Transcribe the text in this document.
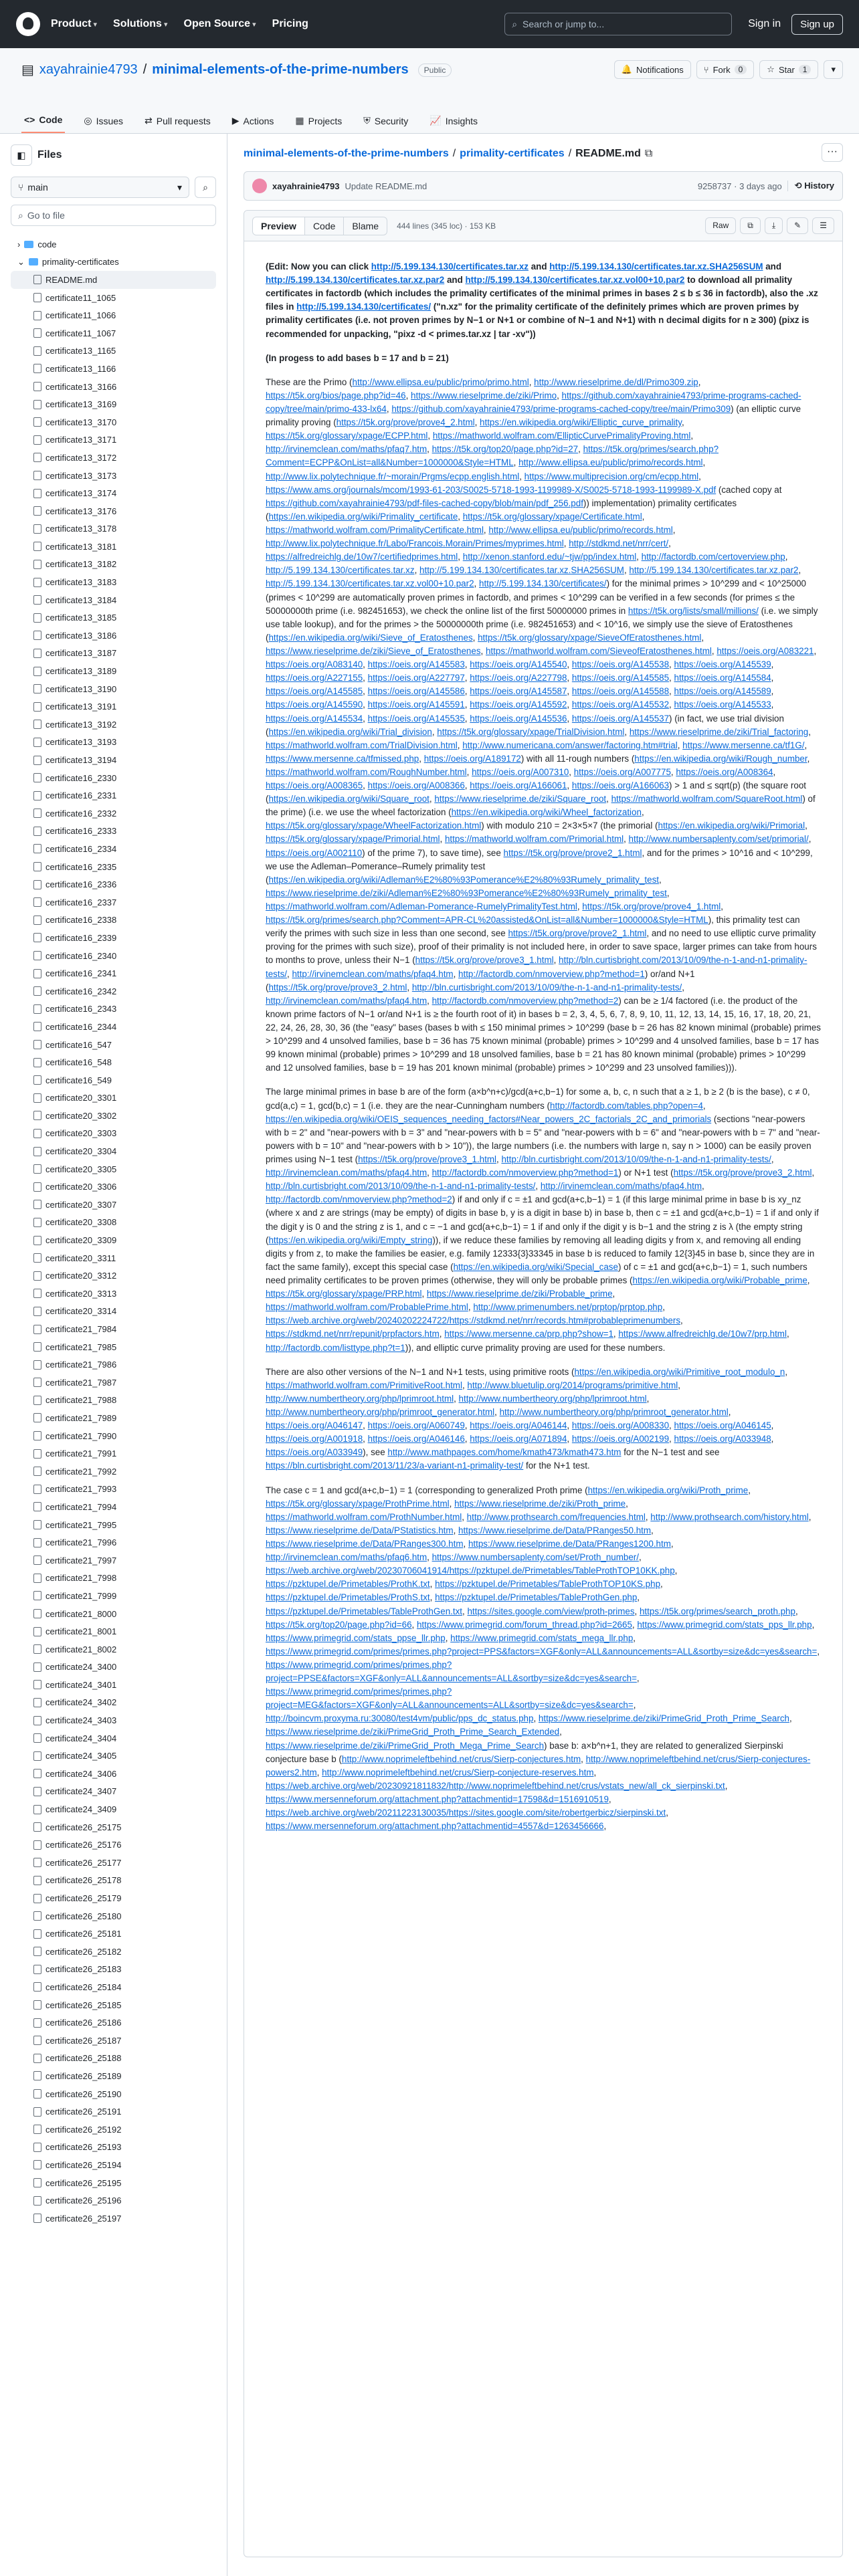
Product ▾	Solutions ▾	Open Source ▾	Pricing	⌕ Search or jump to...	Sign in	Sign up
▤ xayahrainie4793 / minimal-elements-of-the-prime-numbers	Public	🔔 Notifications ⑂ Fork	0	☆ Star	1	▾
<> Code ◎ Issues ⇄ Pull requests ▶ Actions ▦ Projects ⛨ Security 📈 Insights
◧	Files
⑂ main	▾	⌕
⌕ Go to file
› code
⌄ primality-certificates
README.md
certificate11_1065
certificate11_1066
certificate11_1067
certificate13_1165
certificate13_1166
certificate13_3166
certificate13_3169
certificate13_3170
certificate13_3171
certificate13_3172
certificate13_3173
certificate13_3174
certificate13_3176
certificate13_3178
certificate13_3181
certificate13_3182
certificate13_3183
certificate13_3184
certificate13_3185
certificate13_3186
certificate13_3187
certificate13_3189
certificate13_3190
certificate13_3191
certificate13_3192
certificate13_3193
certificate13_3194
certificate16_2330
certificate16_2331
certificate16_2332
certificate16_2333
certificate16_2334
certificate16_2335
certificate16_2336
certificate16_2337
certificate16_2338
certificate16_2339
certificate16_2340
certificate16_2341
certificate16_2342
certificate16_2343
certificate16_2344
certificate16_547
certificate16_548
certificate16_549
certificate20_3301
certificate20_3302
certificate20_3303
certificate20_3304
certificate20_3305
certificate20_3306
certificate20_3307
certificate20_3308
certificate20_3309
certificate20_3311
certificate20_3312
certificate20_3313
certificate20_3314
certificate21_7984
certificate21_7985
certificate21_7986
certificate21_7987
certificate21_7988
certificate21_7989
certificate21_7990
certificate21_7991
certificate21_7992
certificate21_7993
certificate21_7994
certificate21_7995
certificate21_7996
certificate21_7997
certificate21_7998
certificate21_7999
certificate21_8000
certificate21_8001
certificate21_8002
certificate24_3400
certificate24_3401
certificate24_3402
certificate24_3403
certificate24_3404
certificate24_3405
certificate24_3406
certificate24_3407
certificate24_3409
certificate26_25175
certificate26_25176
certificate26_25177
certificate26_25178
certificate26_25179
certificate26_25180
certificate26_25181
certificate26_25182
certificate26_25183
certificate26_25184
certificate26_25185
certificate26_25186
certificate26_25187
certificate26_25188
certificate26_25189
certificate26_25190
certificate26_25191
certificate26_25192
certificate26_25193
certificate26_25194
certificate26_25195
certificate26_25196
certificate26_25197
minimal-elements-of-the-prime-numbers / primality-certificates / README.md ⧉	···
xayahrainie4793 Update README.md	9258737 · 3 days ago	⟲ History
Preview	Code	Blame	444 lines (345 loc) · 153 KB	Raw	⧉	⤓	✎	☰

(Edit: Now you can click http://5.199.134.130/certificates.tar.xz and http://5.199.134.130/certificates.tar.xz.SHA256SUM and http://5.199.134.130/certificates.tar.xz.par2 and http://5.199.134.130/certificates.tar.xz.vol00+10.par2 to download all primality certificates in factordb (which includes the primality certificates of the minimal primes in bases 2 ≤ b ≤ 36 in factordb), also the .xz files in http://5.199.134.130/certificates/ ("n.xz" for the primality certificate of the definitely primes which are proven primes by primality certificates (i.e. not proven primes by N−1 or N+1 or combine of N−1 and N+1) with n decimal digits for n ≥ 300) (pixz is recommended for unpacking, "pixz -d < primes.tar.xz | tar -xv"))

(In progess to add bases b = 17 and b = 21)

These are the Primo (http://www.ellipsa.eu/public/primo/primo.html, http://www.rieselprime.de/dl/Primo309.zip, https://t5k.org/bios/page.php?id=46, https://www.rieselprime.de/ziki/Primo, https://github.com/xayahrainie4793/prime-programs-cached-copy/tree/main/primo-433-lx64, https://github.com/xayahrainie4793/prime-programs-cached-copy/tree/main/Primo309) (an elliptic curve primality proving (https://t5k.org/prove/prove4_2.html, https://en.wikipedia.org/wiki/Elliptic_curve_primality, https://t5k.org/glossary/xpage/ECPP.html, https://mathworld.wolfram.com/EllipticCurvePrimalityProving.html, http://irvinemclean.com/maths/pfaq7.htm, https://t5k.org/top20/page.php?id=27, https://t5k.org/primes/search.php?Comment=ECPP&OnList=all&Number=1000000&Style=HTML, http://www.ellipsa.eu/public/primo/records.html, http://www.lix.polytechnique.fr/~morain/Prgms/ecpp.english.html, https://www.multiprecision.org/cm/ecpp.html, https://www.ams.org/journals/mcom/1993-61-203/S0025-5718-1993-1199989-X/S0025-5718-1993-1199989-X.pdf (cached copy at https://github.com/xayahrainie4793/pdf-files-cached-copy/blob/main/pdf_256.pdf)) implementation) primality certificates (https://en.wikipedia.org/wiki/Primality_certificate, https://t5k.org/glossary/xpage/Certificate.html, https://mathworld.wolfram.com/PrimalityCertificate.html, http://www.ellipsa.eu/public/primo/records.html, http://www.lix.polytechnique.fr/Labo/Francois.Morain/Primes/myprimes.html, http://stdkmd.net/nrr/cert/, https://alfredreichlg.de/10w7/certifiedprimes.html, http://xenon.stanford.edu/~tjw/pp/index.html, http://factordb.com/certoverview.php, http://5.199.134.130/certificates.tar.xz, http://5.199.134.130/certificates.tar.xz.SHA256SUM, http://5.199.134.130/certificates.tar.xz.par2, http://5.199.134.130/certificates.tar.xz.vol00+10.par2, http://5.199.134.130/certificates/) for the minimal primes > 10^299 and < 10^25000 (primes < 10^299 are automatically proven primes in factordb, and primes < 10^299 can be verified in a few seconds (for primes ≤ the 50000000th prime (i.e. 982451653), we check the online list of the first 50000000 primes in https://t5k.org/lists/small/millions/ (i.e. we simply use table lookup), and for the primes > the 50000000th prime (i.e. 982451653) and < 10^16, we simply use the sieve of Eratosthenes (https://en.wikipedia.org/wiki/Sieve_of_Eratosthenes, https://t5k.org/glossary/xpage/SieveOfEratosthenes.html, https://www.rieselprime.de/ziki/Sieve_of_Eratosthenes, https://mathworld.wolfram.com/SieveofEratosthenes.html, https://oeis.org/A083221, https://oeis.org/A083140, https://oeis.org/A145583, https://oeis.org/A145540, https://oeis.org/A145538, https://oeis.org/A145539, https://oeis.org/A227155, https://oeis.org/A227797, https://oeis.org/A227798, https://oeis.org/A145585, https://oeis.org/A145584, https://oeis.org/A145585, https://oeis.org/A145586, https://oeis.org/A145587, https://oeis.org/A145588, https://oeis.org/A145589, https://oeis.org/A145590, https://oeis.org/A145591, https://oeis.org/A145592, https://oeis.org/A145532, https://oeis.org/A145533, https://oeis.org/A145534, https://oeis.org/A145535, https://oeis.org/A145536, https://oeis.org/A145537) (in fact, we use trial division (https://en.wikipedia.org/wiki/Trial_division, https://t5k.org/glossary/xpage/TrialDivision.html, https://www.rieselprime.de/ziki/Trial_factoring, https://mathworld.wolfram.com/TrialDivision.html, http://www.numericana.com/answer/factoring.htm#trial, https://www.mersenne.ca/tf1G/, https://www.mersenne.ca/tfmissed.php, https://oeis.org/A189172) with all 11-rough numbers (https://en.wikipedia.org/wiki/Rough_number, https://mathworld.wolfram.com/RoughNumber.html, https://oeis.org/A007310, https://oeis.org/A007775, https://oeis.org/A008364, https://oeis.org/A008365, https://oeis.org/A008366, https://oeis.org/A166061, https://oeis.org/A166063) > 1 and ≤ sqrt(p) (the square root (https://en.wikipedia.org/wiki/Square_root, https://www.rieselprime.de/ziki/Square_root, https://mathworld.wolfram.com/SquareRoot.html) of the prime) (i.e. we use the wheel factorization (https://en.wikipedia.org/wiki/Wheel_factorization, https://t5k.org/glossary/xpage/WheelFactorization.html) with modulo 210 = 2×3×5×7 (the primorial (https://en.wikipedia.org/wiki/Primorial, https://t5k.org/glossary/xpage/Primorial.html, https://mathworld.wolfram.com/Primorial.html, http://www.numbersaplenty.com/set/primorial/, https://oeis.org/A002110) of the prime 7), to save time), see https://t5k.org/prove/prove2_1.html, and for the primes > 10^16 and < 10^299, we use the Adleman–Pomerance–Rumely primality test (https://en.wikipedia.org/wiki/Adleman%E2%80%93Pomerance%E2%80%93Rumely_primality_test, https://www.rieselprime.de/ziki/Adleman%E2%80%93Pomerance%E2%80%93Rumely_primality_test, https://mathworld.wolfram.com/Adleman-Pomerance-RumelyPrimalityTest.html, https://t5k.org/prove/prove4_1.html, https://t5k.org/primes/search.php?Comment=APR-CL%20assisted&OnList=all&Number=1000000&Style=HTML), this primality test can verify the primes with such size in less than one second, see https://t5k.org/prove/prove2_1.html, and no need to use elliptic curve primality proving for the primes with such size), proof of their primality is not included here, in order to save space, larger primes can take from hours to months to prove, unless their N−1 (https://t5k.org/prove/prove3_1.html, http://bln.curtisbright.com/2013/10/09/the-n-1-and-n1-primality-tests/, http://irvinemclean.com/maths/pfaq4.htm, http://factordb.com/nmoverview.php?method=1) or/and N+1 (https://t5k.org/prove/prove3_2.html, http://bln.curtisbright.com/2013/10/09/the-n-1-and-n1-primality-tests/, http://irvinemclean.com/maths/pfaq4.htm, http://factordb.com/nmoverview.php?method=2) can be ≥ 1/4 factored (i.e. the product of the known prime factors of N−1 or/and N+1 is ≥ the fourth root of it) in bases b = 2, 3, 4, 5, 6, 7, 8, 9, 10, 11, 12, 13, 14, 15, 16, 17, 18, 20, 21, 22, 24, 26, 28, 30, 36 (the "easy" bases (bases b with ≤ 150 minimal primes > 10^299 (base b = 26 has 82 known minimal (probable) primes > 10^299 and 4 unsolved families, base b = 36 has 75 known minimal (probable) primes > 10^299 and 4 unsolved families, base b = 17 has 99 known minimal (probable) primes > 10^299 and 18 unsolved families, base b = 21 has 80 known minimal (probable) primes > 10^299 and 12 unsolved families, base b = 19 has 201 known minimal (probable) primes > 10^299 and 23 unsolved families))).

The large minimal primes in base b are of the form (a×b^n+c)/gcd(a+c,b−1) for some a, b, c, n such that a ≥ 1, b ≥ 2 (b is the base), c ≠ 0, gcd(a,c) = 1, gcd(b,c) = 1 (i.e. they are the near-Cunningham numbers (http://factordb.com/tables.php?open=4, https://en.wikipedia.org/wiki/OEIS_sequences_needing_factors#Near_powers_2C_factorials_2C_and_primorials (sections "near-powers with b = 2" and "near-powers with b = 3" and "near-powers with b = 5" and "near-powers with b = 6" and "near-powers with b = 7" and "near-powers with b = 10" and "near-powers with b > 10")), the large numbers (i.e. the numbers with large n, say n > 1000) can be easily proven primes using N−1 test (https://t5k.org/prove/prove3_1.html, http://bln.curtisbright.com/2013/10/09/the-n-1-and-n1-primality-tests/, http://irvinemclean.com/maths/pfaq4.htm, http://factordb.com/nmoverview.php?method=1) or N+1 test (https://t5k.org/prove/prove3_2.html, http://bln.curtisbright.com/2013/10/09/the-n-1-and-n1-primality-tests/, http://irvinemclean.com/maths/pfaq4.htm, http://factordb.com/nmoverview.php?method=2) if and only if c = ±1 and gcd(a+c,b−1) = 1 (if this large minimal prime in base b is xy_nz (where x and z are strings (may be empty) of digits in base b, y is a digit in base b) in base b, then c = ±1 and gcd(a+c,b−1) = 1 if and only if the digit y is 0 and the string z is 1, and c = −1 and gcd(a+c,b−1) = 1 if and only if the digit y is b−1 and the string z is λ (the empty string (https://en.wikipedia.org/wiki/Empty_string)), if we reduce these families by removing all leading digits y from x, and removing all ending digits y from z, to make the families be easier, e.g. family 12333{3}33345 in base b is reduced to family 12{3}45 in base b, since they are in fact the same family), except this special case (https://en.wikipedia.org/wiki/Special_case) of c = ±1 and gcd(a+c,b−1) = 1, such numbers need primality certificates to be proven primes (otherwise, they will only be probable primes (https://en.wikipedia.org/wiki/Probable_prime, https://t5k.org/glossary/xpage/PRP.html, https://www.rieselprime.de/ziki/Probable_prime, https://mathworld.wolfram.com/ProbablePrime.html, http://www.primenumbers.net/prptop/prptop.php, https://web.archive.org/web/20240202224722/https://stdkmd.net/nrr/records.htm#probableprimenumbers, https://stdkmd.net/nrr/repunit/prpfactors.htm, https://www.mersenne.ca/prp.php?show=1, https://www.alfredreichlg.de/10w7/prp.html, http://factordb.com/listtype.php?t=1)), and elliptic curve primality proving are used for these numbers.

There are also other versions of the N−1 and N+1 tests, using primitive roots (https://en.wikipedia.org/wiki/Primitive_root_modulo_n, https://mathworld.wolfram.com/PrimitiveRoot.html, http://www.bluetulip.org/2014/programs/primitive.html, http://www.numbertheory.org/php/lprimroot.html, http://www.numbertheory.org/php/lprimroot.html, http://www.numbertheory.org/php/primroot_generator.html, http://www.numbertheory.org/php/primroot_generator.html, https://oeis.org/A046147, https://oeis.org/A060749, https://oeis.org/A046144, https://oeis.org/A008330, https://oeis.org/A046145, https://oeis.org/A001918, https://oeis.org/A046146, https://oeis.org/A071894, https://oeis.org/A002199, https://oeis.org/A033948, https://oeis.org/A033949), see http://www.mathpages.com/home/kmath473/kmath473.htm for the N−1 test and see https://bln.curtisbright.com/2013/11/23/a-variant-n1-primality-test/ for the N+1 test.

The case c = 1 and gcd(a+c,b−1) = 1 (corresponding to generalized Proth prime (https://en.wikipedia.org/wiki/Proth_prime, https://t5k.org/glossary/xpage/ProthPrime.html, https://www.rieselprime.de/ziki/Proth_prime, https://mathworld.wolfram.com/ProthNumber.html, http://www.prothsearch.com/frequencies.html, http://www.prothsearch.com/history.html, https://www.rieselprime.de/Data/PStatistics.htm, https://www.rieselprime.de/Data/PRanges50.htm, https://www.rieselprime.de/Data/PRanges300.htm, https://www.rieselprime.de/Data/PRanges1200.htm, http://irvinemclean.com/maths/pfaq6.htm, https://www.numbersaplenty.com/set/Proth_number/, https://web.archive.org/web/20230706041914/https://pzktupel.de/Primetables/TableProthTOP10KK.php, https://pzktupel.de/Primetables/ProthK.txt, https://pzktupel.de/Primetables/TableProthTOP10KS.php, https://pzktupel.de/Primetables/ProthS.txt, https://pzktupel.de/Primetables/TableProthGen.php, https://pzktupel.de/Primetables/TableProthGen.txt, https://sites.google.com/view/proth-primes, https://t5k.org/primes/search_proth.php, https://t5k.org/top20/page.php?id=66, https://www.primegrid.com/forum_thread.php?id=2665, https://www.primegrid.com/stats_pps_llr.php, https://www.primegrid.com/stats_ppse_llr.php, https://www.primegrid.com/stats_mega_llr.php, https://www.primegrid.com/primes/primes.php?project=PPS&factors=XGF&only=ALL&announcements=ALL&sortby=size&dc=yes&search=, https://www.primegrid.com/primes/primes.php?project=PPSE&factors=XGF&only=ALL&announcements=ALL&sortby=size&dc=yes&search=, https://www.primegrid.com/primes/primes.php?project=MEG&factors=XGF&only=ALL&announcements=ALL&sortby=size&dc=yes&search=, http://boincvm.proxyma.ru:30080/test4vm/public/pps_dc_status.php, https://www.rieselprime.de/ziki/PrimeGrid_Proth_Prime_Search, https://www.rieselprime.de/ziki/PrimeGrid_Proth_Prime_Search_Extended, https://www.rieselprime.de/ziki/PrimeGrid_Proth_Mega_Prime_Search) base b: a×b^n+1, they are related to generalized Sierpinski conjecture base b (http://www.noprimeleftbehind.net/crus/Sierp-conjectures.htm, http://www.noprimeleftbehind.net/crus/Sierp-conjectures-powers2.htm, http://www.noprimeleftbehind.net/crus/Sierp-conjecture-reserves.htm, https://web.archive.org/web/20230921811832/http://www.noprimeleftbehind.net/crus/vstats_new/all_ck_sierpinski.txt, https://www.mersenneforum.org/attachment.php?attachmentid=17598&d=1516910519, https://web.archive.org/web/20211223130035/https://sites.google.com/site/robertgerbicz/sierpinski.txt, https://www.mersenneforum.org/attachment.php?attachmentid=4557&d=1263456666,
